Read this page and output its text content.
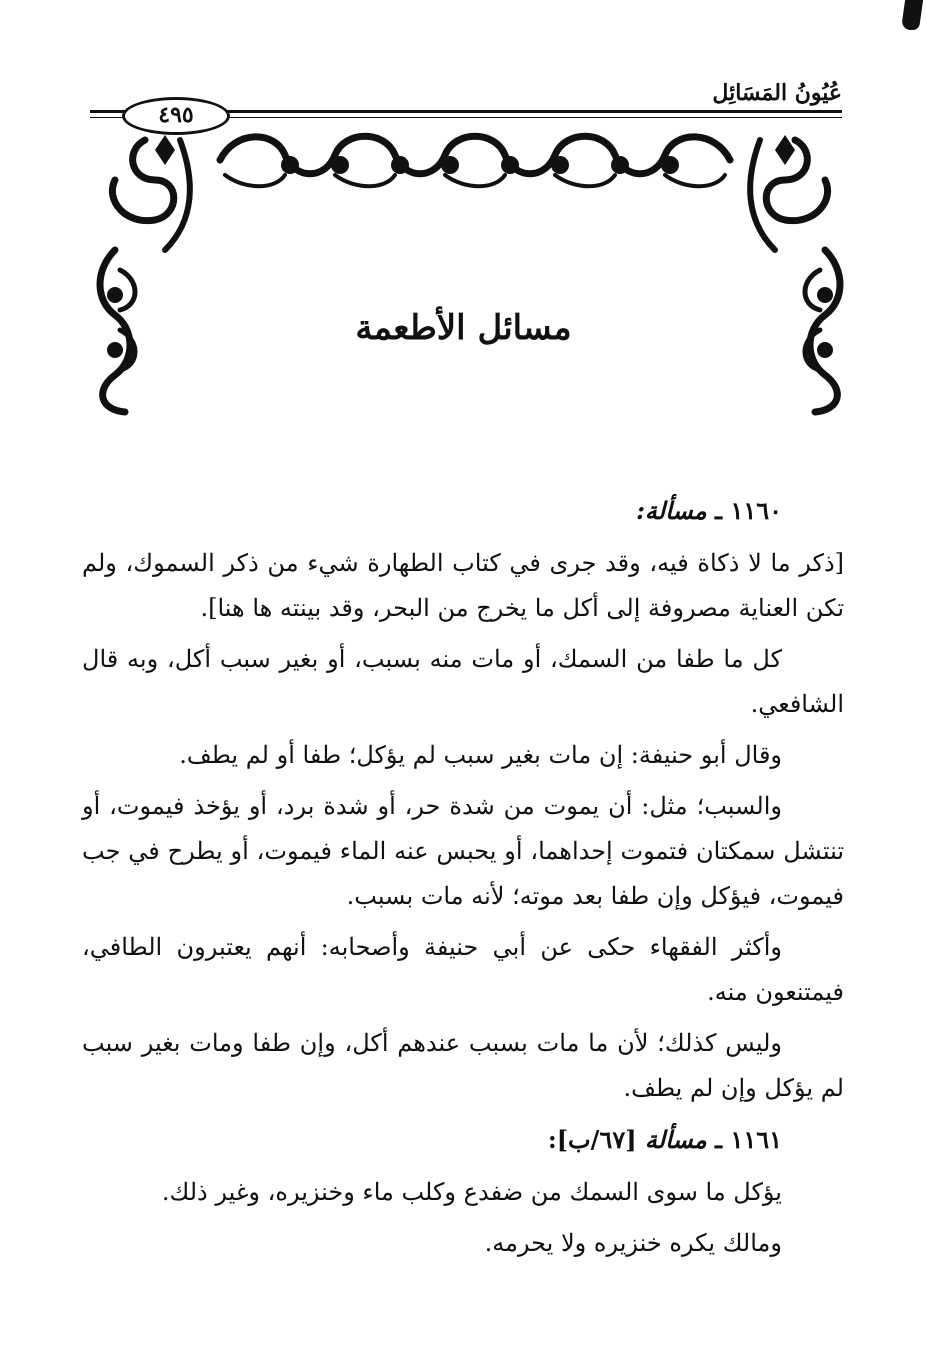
عُيُونُ المَسَائِل
٤٩٥
مسائل الأطعمة

١١٦٠ ـ مسألة:

[ذكر ما لا ذكاة فيه، وقد جرى في كتاب الطهارة شيء من ذكر السموك، ولم تكن العناية مصروفة إلى أكل ما يخرج من البحر، وقد بينته ها هنا].

كل ما طفا من السمك، أو مات منه بسبب، أو بغير سبب أكل، وبه قال الشافعي.

وقال أبو حنيفة: إن مات بغير سبب لم يؤكل؛ طفا أو لم يطف.

والسبب؛ مثل: أن يموت من شدة حر، أو شدة برد، أو يؤخذ فيموت، أو تنتشل سمكتان فتموت إحداهما، أو يحبس عنه الماء فيموت، أو يطرح في جب فيموت، فيؤكل وإن طفا بعد موته؛ لأنه مات بسبب.

وأكثر الفقهاء حكى عن أبي حنيفة وأصحابه: أنهم يعتبرون الطافي، فيمتنعون منه.

وليس كذلك؛ لأن ما مات بسبب عندهم أكل، وإن طفا ومات بغير سبب لم يؤكل وإن لم يطف.

١١٦١ ـ مسألة [٦٧/ب]:

يؤكل ما سوى السمك من ضفدع وكلب ماء وخنزيره، وغير ذلك.

ومالك يكره خنزيره ولا يحرمه.
